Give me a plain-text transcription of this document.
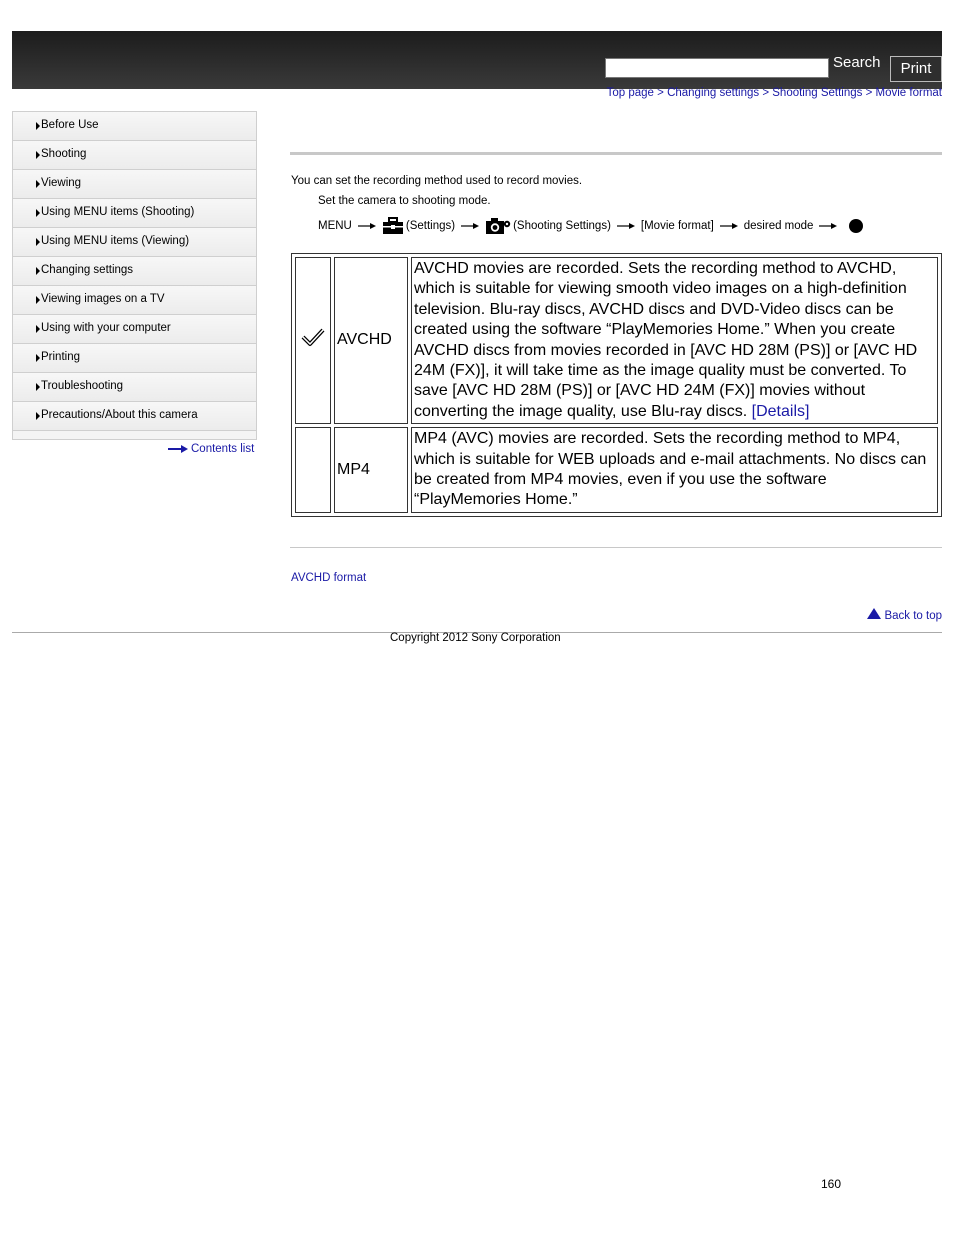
Search	Print
Top page > Changing settings > Shooting Settings > Movie format
Before Use
Shooting
Viewing
Using MENU items (Shooting)
Using MENU items (Viewing)
Changing settings
Viewing images on a TV
Using with your computer
Printing
Troubleshooting
Precautions/About this camera
Contents list
You can set the recording method used to record movies.
Set the camera to shooting mode.
MENU	(Settings)	(Shooting Settings)	[Movie format]	desired mode
	AVCHD	AVCHD movies are recorded. Sets the recording method to AVCHD, which is suitable for viewing smooth video images on a high-definition television. Blu-ray discs, AVCHD discs and DVD-Video discs can be created using the software “PlayMemories Home.” When you create AVCHD discs from movies recorded in [AVC HD 28M (PS)] or [AVC HD 24M (FX)], it will take time as the image quality must be converted. To save [AVC HD 28M (PS)] or [AVC HD 24M (FX)] movies without converting the image quality, use Blu-ray discs. [Details]
	MP4	MP4 (AVC) movies are recorded. Sets the recording method to MP4, which is suitable for WEB uploads and e-mail attachments. No discs can be created from MP4 movies, even if you use the software “PlayMemories Home.”
AVCHD format
Back to top
Copyright 2012 Sony Corporation
160
